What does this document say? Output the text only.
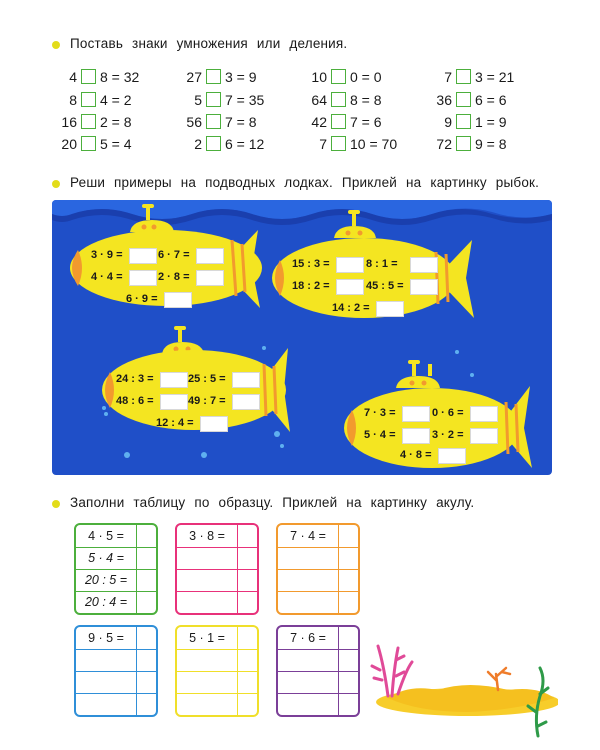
Поставь знаки умножения или деления.
4 8 = 32
8 4 = 2
16 2 = 8
20 5 = 4
27 3 = 9
5 7 = 35
56 7 = 8
2 6 = 12
10 0 = 0
64 8 = 8
42 7 = 6
7 10 = 70
7 3 = 21
36 6 = 6
9 1 = 9
72 9 = 8
Реши примеры на подводных лодках. Приклей на картинку рыбок.
3 · 9 =	6 · 7 =
4 · 4 =	2 · 8 =
6 · 9 =
15 : 3 =	8 : 1 =
18 : 2 =	45 : 5 =
14 : 2 =
24 : 3 =	25 : 5 =
48 : 6 =	49 : 7 =
12 : 4 =
7 · 3 =	0 · 6 =
5 · 4 =	3 · 2 =
4 · 8 =
Заполни таблицу по образцу. Приклей на картинку акулу.
4 · 5 =
5 · 4 =
20 : 5 =
20 : 4 =
3 · 8 =	7 · 4 =
9 · 5 =	5 · 1 =	7 · 6 =
